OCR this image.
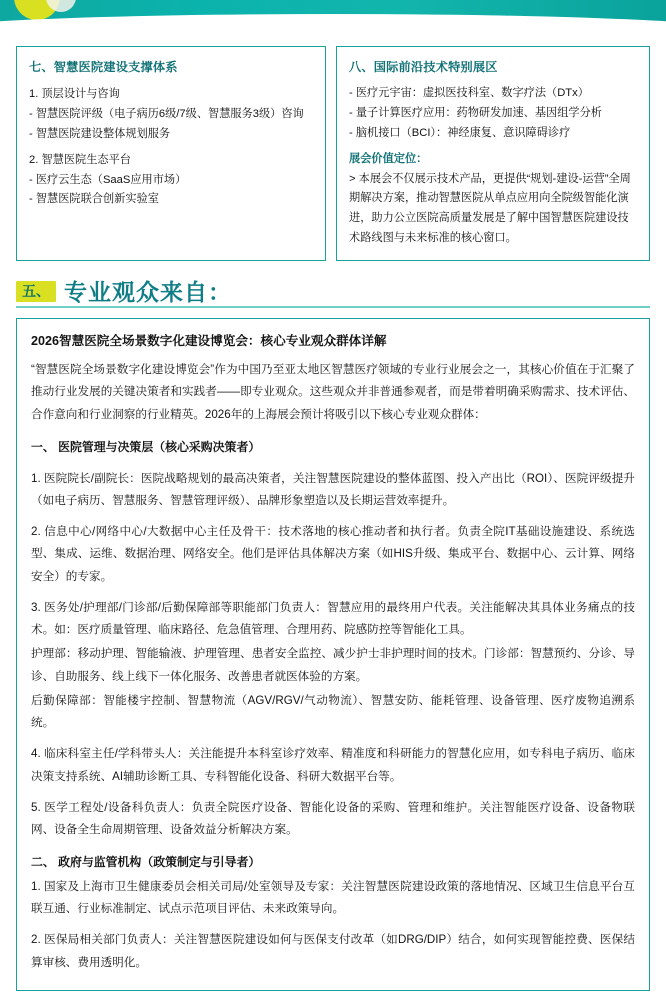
七、智慧医院建设支撑体系

1. 顶层设计与咨询

- 智慧医院评级（电子病历6级/7级、智慧服务3级）咨询

- 智慧医院建设整体规划服务

2. 智慧医院生态平台

- 医疗云生态（SaaS应用市场）

- 智慧医院联合创新实验室

八、国际前沿技术特别展区

- 医疗元宇宙：虚拟医技科室、数字疗法（DTx）

- 量子计算医疗应用：药物研发加速、基因组学分析

- 脑机接口（BCI）：神经康复、意识障碍诊疗

展会价值定位：

> 本展会不仅展示技术产品，更提供“规划-建设-运营”全周期解决方案，推动智慧医院从单点应用向全院级智能化演进，助力公立医院高质量发展是了解中国智慧医院建设技术路线图与未来标准的核心窗口。

五、 专业观众来自：

2026智慧医院全场景数字化建设博览会：核心专业观众群体详解

“智慧医院全场景数字化建设博览会”作为中国乃至亚太地区智慧医疗领域的专业行业展会之一，其核心价值在于汇聚了推动行业发展的关键决策者和实践者——即专业观众。这些观众并非普通参观者，而是带着明确采购需求、技术评估、合作意向和行业洞察的行业精英。2026年的上海展会预计将吸引以下核心专业观众群体：

一、 医院管理与决策层（核心采购决策者）

1. 医院院长/副院长：医院战略规划的最高决策者，关注智慧医院建设的整体蓝图、投入产出比（ROI）、医院评级提升（如电子病历、智慧服务、智慧管理评级）、品牌形象塑造以及长期运营效率提升。

2. 信息中心/网络中心/大数据中心主任及骨干：技术落地的核心推动者和执行者。负责全院IT基础设施建设、系统选型、集成、运维、数据治理、网络安全。他们是评估具体解决方案（如HIS升级、集成平台、数据中心、云计算、网络安全）的专家。

3. 医务处/护理部/门诊部/后勤保障部等职能部门负责人：智慧应用的最终用户代表。关注能解决其具体业务痛点的技术。如：医疗质量管理、临床路径、危急值管理、合理用药、院感防控等智能化工具。

护理部：移动护理、智能输液、护理管理、患者安全监控、减少护士非护理时间的技术。门诊部：智慧预约、分诊、导诊、自助服务、线上线下一体化服务、改善患者就医体验的方案。

后勤保障部：智能楼宇控制、智慧物流（AGV/RGV/气动物流）、智慧安防、能耗管理、设备管理、医疗废物追溯系统。

4. 临床科室主任/学科带头人：关注能提升本科室诊疗效率、精准度和科研能力的智慧化应用，如专科电子病历、临床决策支持系统、AI辅助诊断工具、专科智能化设备、科研大数据平台等。

5. 医学工程处/设备科负责人：负责全院医疗设备、智能化设备的采购、管理和维护。关注智能医疗设备、设备物联网、设备全生命周期管理、设备效益分析解决方案。

二、 政府与监管机构（政策制定与引导者）

1. 国家及上海市卫生健康委员会相关司局/处室领导及专家：关注智慧医院建设政策的落地情况、区域卫生信息平台互联互通、行业标准制定、试点示范项目评估、未来政策导向。

2. 医保局相关部门负责人：关注智慧医院建设如何与医保支付改革（如DRG/DIP）结合，如何实现智能控费、医保结算审核、费用透明化。
